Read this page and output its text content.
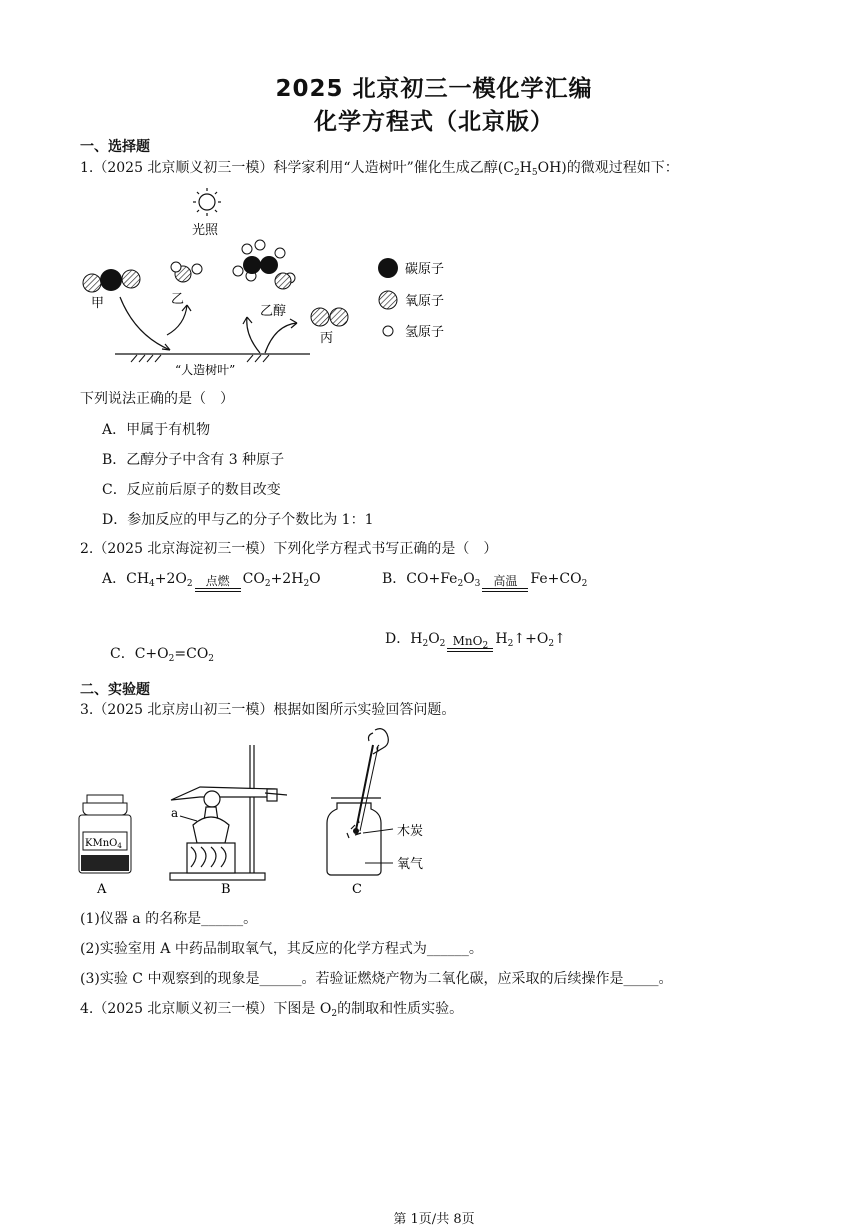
2025 北京初三一模化学汇编
化学方程式（北京版）
一、选择题
1.（2025 北京顺义初三一模）科学家利用“人造树叶”催化生成乙醇$(C_2H_5OH)$的微观过程如下：
光照
甲	乙
乙醇
丙
“人造树叶”
碳原子
氧原子
氢原子
下列说法正确的是（　）
A．甲属于有机物
B．乙醇分子中含有 3 种原子
C．反应前后原子的数目改变
D．参加反应的甲与乙的分子个数比为 1：1
2.（2025 北京海淀初三一模）下列化学方程式书写正确的是（　）
A．$CH_4+2O_2$ 点燃 $CO_2+2H_2O$	B．$CO+Fe_2O_3$ 高温 $Fe+CO_2$
C．$C+O_2=CO_2$
D．$H_2O_2$ MnO$_2$ $H_2↑+O_2↑$
二、实验题
3.（2025 北京房山初三一模）根据如图所示实验回答问题。
KMnO$_4$
A
a
B
木炭
氧气
C
(1)仪器 a 的名称是______。
(2)实验室用 A 中药品制取氧气，其反应的化学方程式为______。
(3)实验 C 中观察到的现象是______。若验证燃烧产物为二氧化碳，应采取的后续操作是_____。
4.（2025 北京顺义初三一模）下图是 $O_2$的制取和性质实验。
第 1页/共 8页
